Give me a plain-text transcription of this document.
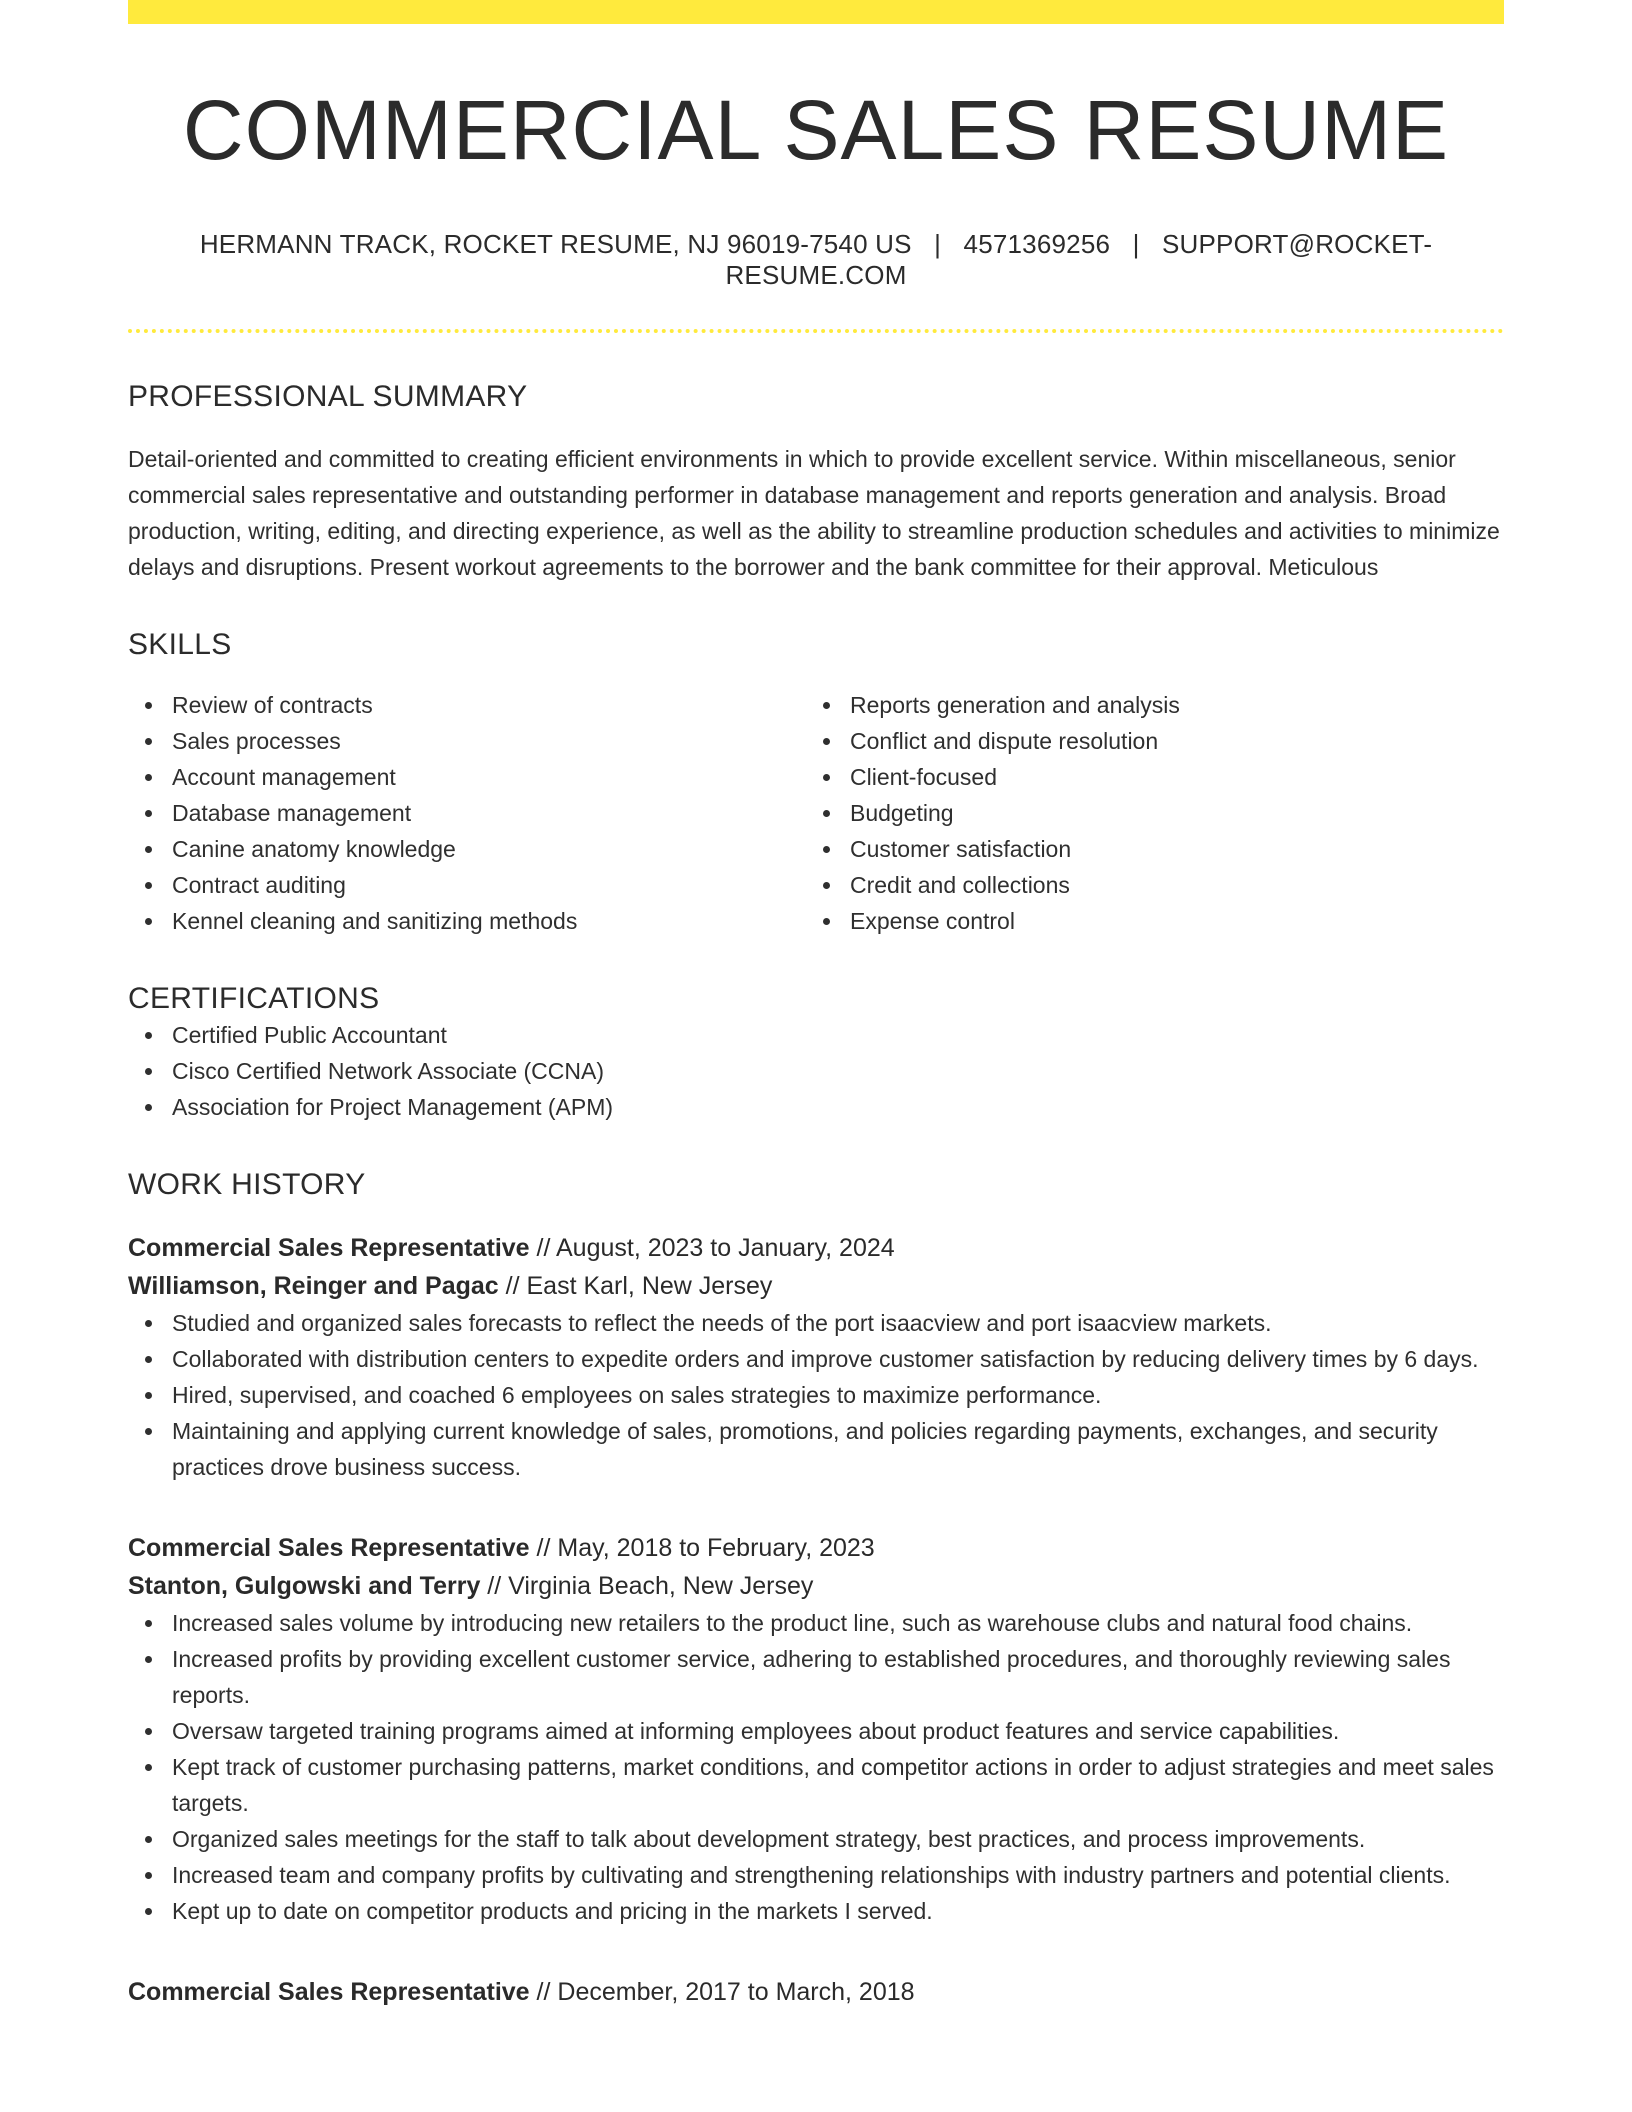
COMMERCIAL SALES RESUME
HERMANN TRACK, ROCKET RESUME, NJ 96019-7540 US | 4571369256 | SUPPORT@ROCKET-RESUME.COM
PROFESSIONAL SUMMARY

Detail-oriented and committed to creating efficient environments in which to provide excellent service. Within miscellaneous, senior commercial sales representative and outstanding performer in database management and reports generation and analysis. Broad production, writing, editing, and directing experience, as well as the ability to streamline production schedules and activities to minimize delays and disruptions. Present workout agreements to the borrower and the bank committee for their approval. Meticulous

SKILLS
Review of contracts
Sales processes
Account management
Database management
Canine anatomy knowledge
Contract auditing
Kennel cleaning and sanitizing methods
Reports generation and analysis
Conflict and dispute resolution
Client-focused
Budgeting
Customer satisfaction
Credit and collections
Expense control
CERTIFICATIONS
Certified Public Accountant
Cisco Certified Network Associate (CCNA)
Association for Project Management (APM)
WORK HISTORY
Commercial Sales Representative // August, 2023 to January, 2024
Williamson, Reinger and Pagac // East Karl, New Jersey
Studied and organized sales forecasts to reflect the needs of the port isaacview and port isaacview markets.
Collaborated with distribution centers to expedite orders and improve customer satisfaction by reducing delivery times by 6 days.
Hired, supervised, and coached 6 employees on sales strategies to maximize performance.
Maintaining and applying current knowledge of sales, promotions, and policies regarding payments, exchanges, and security practices drove business success.
Commercial Sales Representative // May, 2018 to February, 2023
Stanton, Gulgowski and Terry // Virginia Beach, New Jersey
Increased sales volume by introducing new retailers to the product line, such as warehouse clubs and natural food chains.
Increased profits by providing excellent customer service, adhering to established procedures, and thoroughly reviewing sales reports.
Oversaw targeted training programs aimed at informing employees about product features and service capabilities.
Kept track of customer purchasing patterns, market conditions, and competitor actions in order to adjust strategies and meet sales targets.
Organized sales meetings for the staff to talk about development strategy, best practices, and process improvements.
Increased team and company profits by cultivating and strengthening relationships with industry partners and potential clients.
Kept up to date on competitor products and pricing in the markets I served.
Commercial Sales Representative // December, 2017 to March, 2018
